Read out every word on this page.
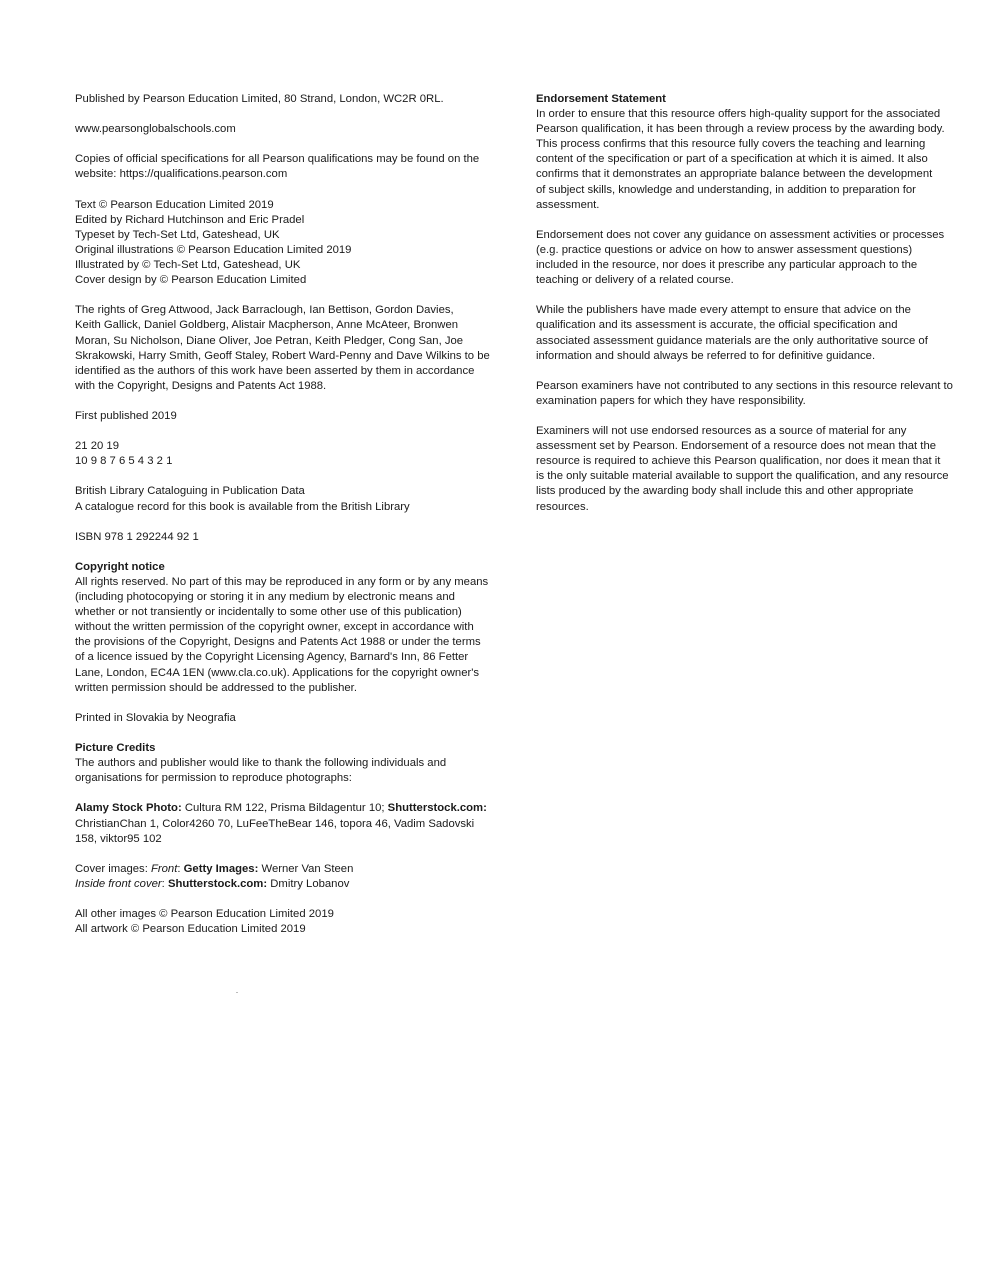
Published by Pearson Education Limited, 80 Strand, London, WC2R 0RL.
www.pearsonglobalschools.com
Copies of official specifications for all Pearson qualifications may be found on the
website: https://qualifications.pearson.com
Text © Pearson Education Limited 2019
Edited by Richard Hutchinson and Eric Pradel
Typeset by Tech-Set Ltd, Gateshead, UK
Original illustrations © Pearson Education Limited 2019
Illustrated by © Tech-Set Ltd, Gateshead, UK
Cover design by © Pearson Education Limited
The rights of Greg Attwood, Jack Barraclough, Ian Bettison, Gordon Davies,
Keith Gallick, Daniel Goldberg, Alistair Macpherson, Anne McAteer, Bronwen
Moran, Su Nicholson, Diane Oliver, Joe Petran, Keith Pledger, Cong San, Joe
Skrakowski, Harry Smith, Geoff Staley, Robert Ward-Penny and Dave Wilkins to be
identified as the authors of this work have been asserted by them in accordance
with the Copyright, Designs and Patents Act 1988.
First published 2019
21 20 19
10 9 8 7 6 5 4 3 2 1
British Library Cataloguing in Publication Data
A catalogue record for this book is available from the British Library
ISBN 978 1 292244 92 1
Copyright notice
All rights reserved. No part of this may be reproduced in any form or by any means
(including photocopying or storing it in any medium by electronic means and
whether or not transiently or incidentally to some other use of this publication)
without the written permission of the copyright owner, except in accordance with
the provisions of the Copyright, Designs and Patents Act 1988 or under the terms
of a licence issued by the Copyright Licensing Agency, Barnard's Inn, 86 Fetter
Lane, London, EC4A 1EN (www.cla.co.uk). Applications for the copyright owner's
written permission should be addressed to the publisher.
Printed in Slovakia by Neografia
Picture Credits
The authors and publisher would like to thank the following individuals and
organisations for permission to reproduce photographs:
Alamy Stock Photo: Cultura RM 122, Prisma Bildagentur 10; Shutterstock.com:
ChristianChan 1, Color4260 70, LuFeeTheBear 146, topora 46, Vadim Sadovski
158, viktor95 102
Cover images: Front: Getty Images: Werner Van Steen
Inside front cover: Shutterstock.com: Dmitry Lobanov
All other images © Pearson Education Limited 2019
All artwork © Pearson Education Limited 2019
Endorsement Statement
In order to ensure that this resource offers high-quality support for the associated
Pearson qualification, it has been through a review process by the awarding body.
This process confirms that this resource fully covers the teaching and learning
content of the specification or part of a specification at which it is aimed. It also
confirms that it demonstrates an appropriate balance between the development
of subject skills, knowledge and understanding, in addition to preparation for
assessment.
Endorsement does not cover any guidance on assessment activities or processes
(e.g. practice questions or advice on how to answer assessment questions)
included in the resource, nor does it prescribe any particular approach to the
teaching or delivery of a related course.
While the publishers have made every attempt to ensure that advice on the
qualification and its assessment is accurate, the official specification and
associated assessment guidance materials are the only authoritative source of
information and should always be referred to for definitive guidance.
Pearson examiners have not contributed to any sections in this resource relevant to
examination papers for which they have responsibility.
Examiners will not use endorsed resources as a source of material for any
assessment set by Pearson. Endorsement of a resource does not mean that the
resource is required to achieve this Pearson qualification, nor does it mean that it
is the only suitable material available to support the qualification, and any resource
lists produced by the awarding body shall include this and other appropriate
resources.
